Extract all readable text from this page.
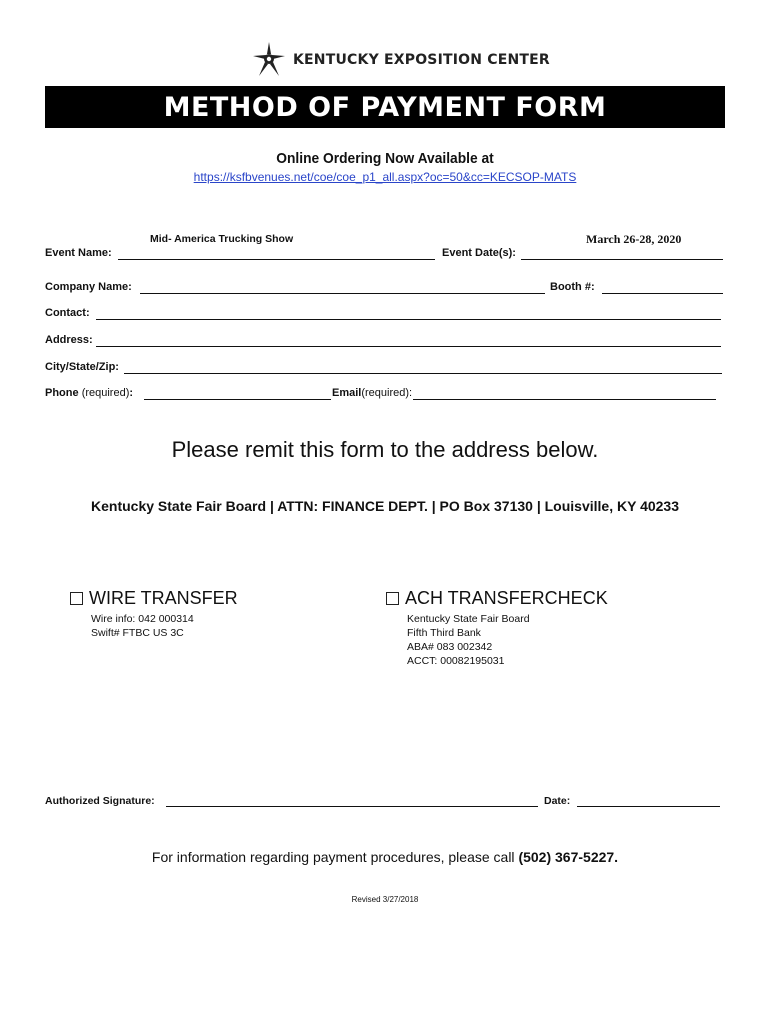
KENTUCKY EXPOSITION CENTER
METHOD OF PAYMENT FORM
Online Ordering Now Available at
https://ksfbvenues.net/coe/coe_p1_all.aspx?oc=50&cc=KECSOP-MATS
Mid- America Trucking Show	March 26-28, 2020
Event Name:	Event Date(s):
Company Name:	Booth #:
Contact:
Address:
City/State/Zip:
Phone (required):	Email(required):
Please remit this form to the address below.
Kentucky State Fair Board | ATTN: FINANCE DEPT. | PO Box 37130 | Louisville, KY 40233
WIRE TRANSFER
Wire info: 042 000314
Swift# FTBC US 3C
ACH TRANSFERCHECK
Kentucky State Fair Board
Fifth Third Bank
ABA# 083 002342
ACCT: 00082195031
Authorized Signature:	Date:
For information regarding payment procedures, please call (502) 367-5227.
Revised 3/27/2018
